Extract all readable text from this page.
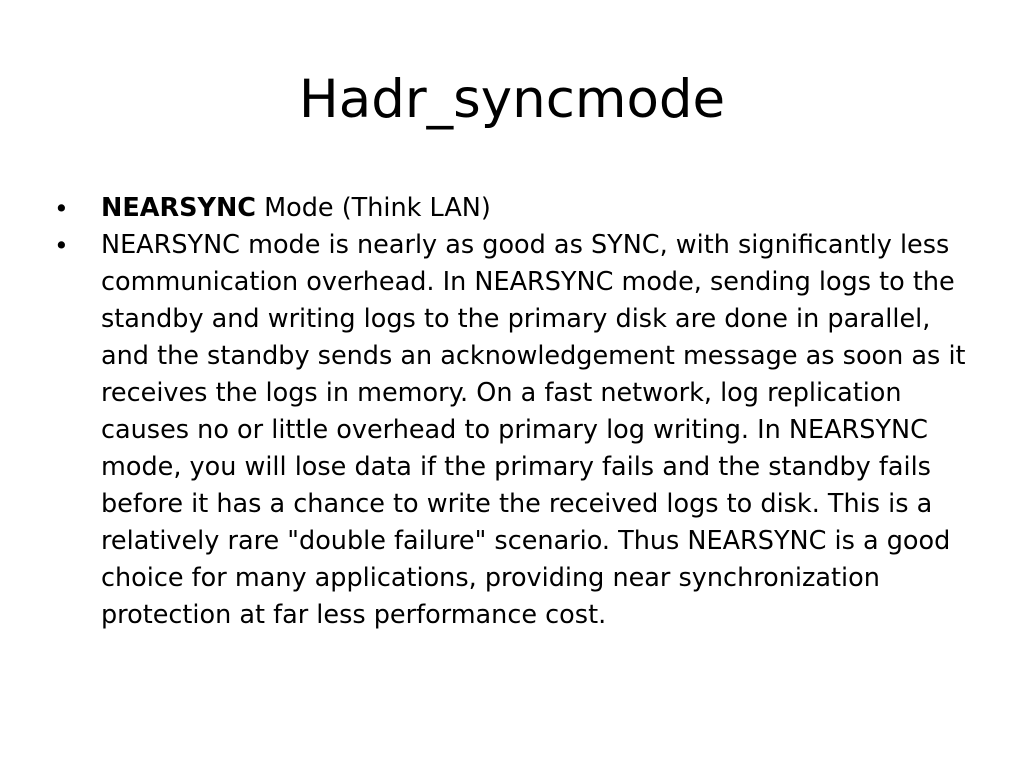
Hadr_syncmode
• NEARSYNC Mode (Think LAN)
• NEARSYNC mode is nearly as good as SYNC, with significantly less communication overhead. In NEARSYNC mode, sending logs to the standby and writing logs to the primary disk are done in parallel, and the standby sends an acknowledgement message as soon as it receives the logs in memory. On a fast network, log replication causes no or little overhead to primary log writing. In NEARSYNC mode, you will lose data if the primary fails and the standby fails before it has a chance to write the received logs to disk. This is a relatively rare "double failure" scenario. Thus NEARSYNC is a good choice for many applications, providing near synchronization protection at far less performance cost.
